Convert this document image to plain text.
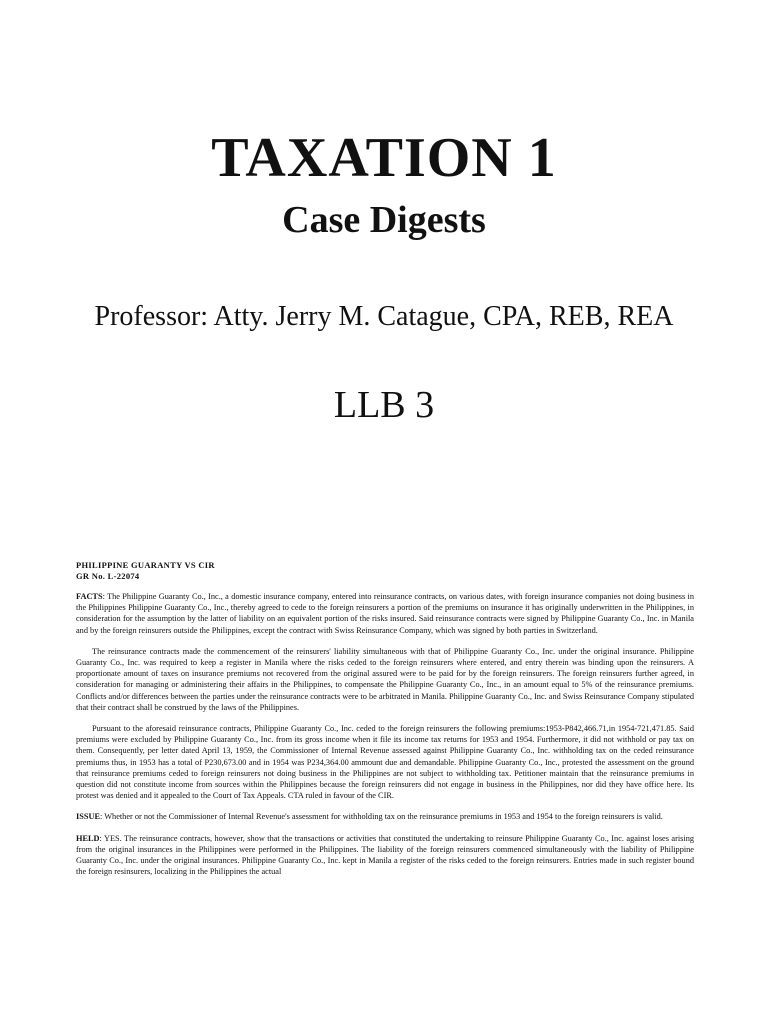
TAXATION 1
Case Digests
Professor: Atty. Jerry M. Catague, CPA, REB, REA
LLB 3

PHILIPPINE GUARANTY VS CIR

GR No. L-22074

FACTS: The Philippine Guaranty Co., Inc., a domestic insurance company, entered into reinsurance contracts, on various dates, with foreign insurance companies not doing business in the Philippines Philippine Guaranty Co., Inc., thereby agreed to cede to the foreign reinsurers a portion of the premiums on insurance it has originally underwritten in the Philippines, in consideration for the assumption by the latter of liability on an equivalent portion of the risks insured. Said reinsurance contracts were signed by Philippine Guaranty Co., Inc. in Manila and by the foreign reinsurers outside the Philippines, except the contract with Swiss Reinsurance Company, which was signed by both parties in Switzerland.

The reinsurance contracts made the commencement of the reinsurers' liability simultaneous with that of Philippine Guaranty Co., Inc. under the original insurance. Philippine Guaranty Co., Inc. was required to keep a register in Manila where the risks ceded to the foreign reinsurers where entered, and entry therein was binding upon the reinsurers. A proportionate amount of taxes on insurance premiums not recovered from the original assured were to be paid for by the foreign reinsurers. The foreign reinsurers further agreed, in consideration for managing or administering their affairs in the Philippines, to compensate the Philippine Guaranty Co., Inc., in an amount equal to 5% of the reinsurance premiums. Conflicts and/or differences between the parties under the reinsurance contracts were to be arbitrated in Manila. Philippine Guaranty Co., Inc. and Swiss Reinsurance Company stipulated that their contract shall be construed by the laws of the Philippines.

Pursuant to the aforesaid reinsurance contracts, Philippine Guaranty Co., Inc. ceded to the foreign reinsurers the following premiums:1953-P842,466.71,in 1954-721,471.85. Said premiums were excluded by Philippine Guaranty Co., Inc. from its gross income when it file its income tax returns for 1953 and 1954. Furthermore, it did not withhold or pay tax on them. Consequently, per letter dated April 13, 1959, the Commissioner of Internal Revenue assessed against Philippine Guaranty Co., Inc. withholding tax on the ceded reinsurance premiums thus, in 1953 has a total of P230,673.00 and in 1954 was P234,364.00 ammount due and demandable. Philippine Guaranty Co., Inc., protested the assessment on the ground that reinsurance premiums ceded to foreign reinsurers not doing business in the Philippines are not subject to withholding tax. Petitioner maintain that the reinsurance premiums in question did not constitute income from sources within the Philippines because the foreign reinsurers did not engage in business in the Philippines, nor did they have office here. Its protest was denied and it appealed to the Court of Tax Appeals. CTA ruled in favour of the CIR.

ISSUE: Whether or not the Commissioner of Internal Revenue's assessment for withholding tax on the reinsurance premiums in 1953 and 1954 to the foreign reinsurers is valid.

HELD: YES. The reinsurance contracts, however, show that the transactions or activities that constituted the undertaking to reinsure Philippine Guaranty Co., Inc. against loses arising from the original insurances in the Philippines were performed in the Philippines. The liability of the foreign reinsurers commenced simultaneously with the liability of Philippine Guaranty Co., Inc. under the original insurances. Philippine Guaranty Co., Inc. kept in Manila a register of the risks ceded to the foreign reinsurers. Entries made in such register bound the foreign resinsurers, localizing in the Philippines the actual
